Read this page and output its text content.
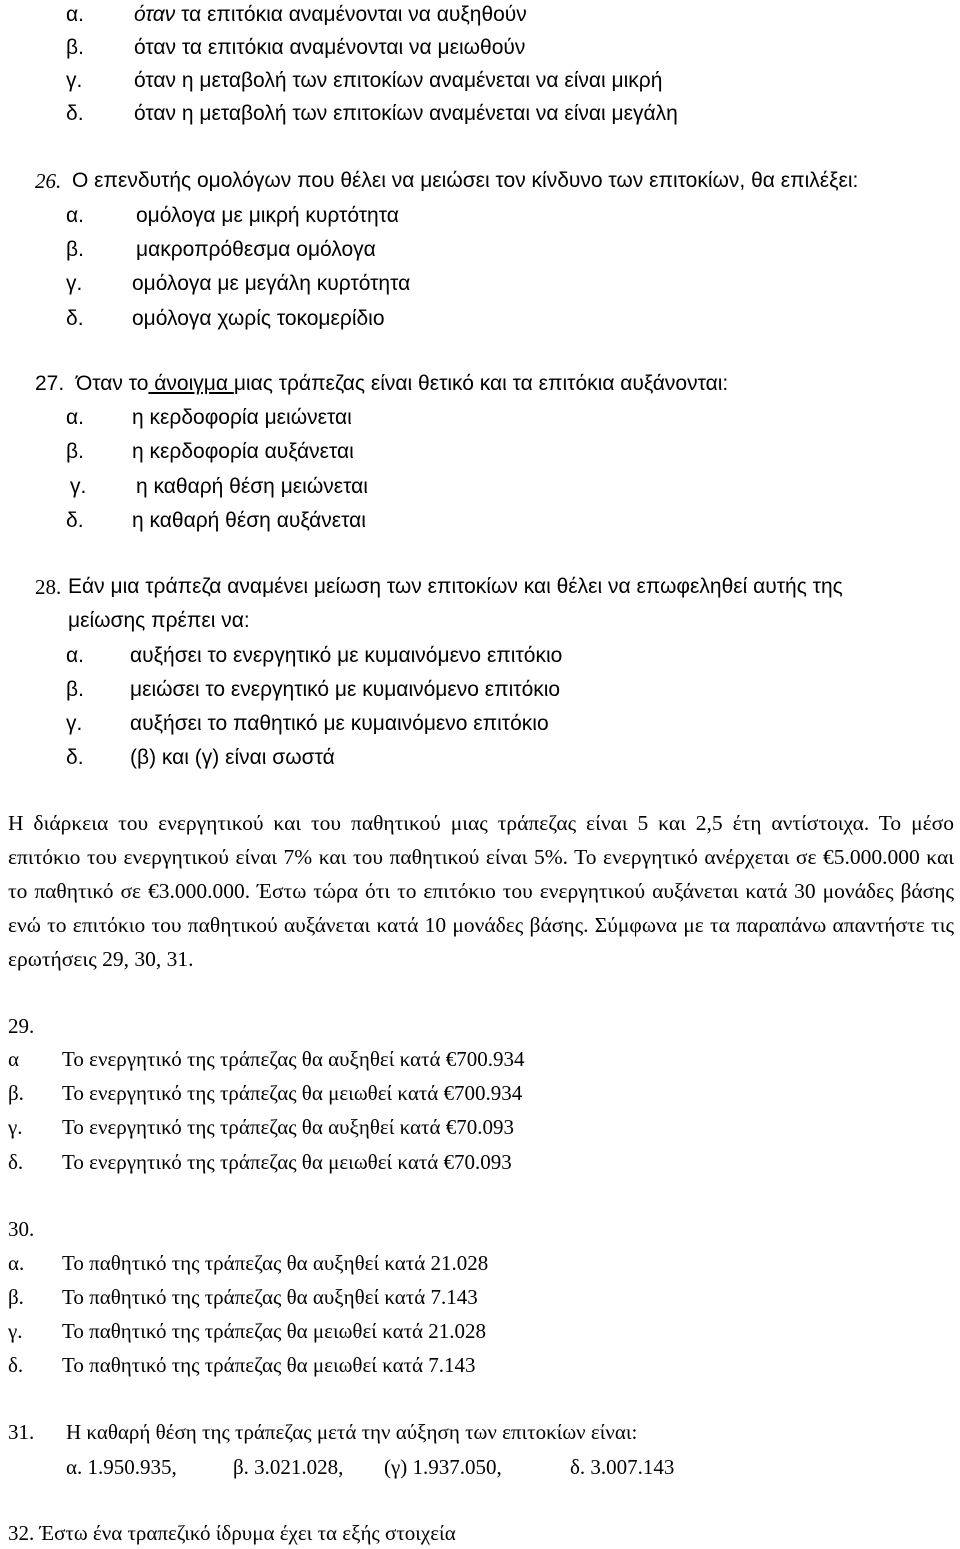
α. όταν τα επιτόκια αναμένονται να αυξηθούν
β. όταν τα επιτόκια αναμένονται να μειωθούν
γ. όταν η μεταβολή των επιτοκίων αναμένεται να είναι μικρή
δ. όταν η μεταβολή των επιτοκίων αναμένεται να είναι μεγάλη
26. Ο επενδυτής ομολόγων που θέλει να μειώσει τον κίνδυνο των επιτοκίων, θα επιλέξει:
α. ομόλογα με μικρή κυρτότητα
β. μακροπρόθεσμα ομόλογα
γ. ομόλογα με μεγάλη κυρτότητα
δ. ομόλογα χωρίς τοκομερίδιο
27. Όταν το άνοιγμα μιας τράπεζας είναι θετικό και τα επιτόκια αυξάνονται:
α. η κερδοφορία μειώνεται
β. η κερδοφορία αυξάνεται
γ. η καθαρή θέση μειώνεται
δ. η καθαρή θέση αυξάνεται
28. Εάν μια τράπεζα αναμένει μείωση των επιτοκίων και θέλει να επωφεληθεί αυτής της
μείωσης πρέπει να:
α. αυξήσει το ενεργητικό με κυμαινόμενο επιτόκιο
β. μειώσει το ενεργητικό με κυμαινόμενο επιτόκιο
γ. αυξήσει το παθητικό με κυμαινόμενο επιτόκιο
δ. (β) και (γ) είναι σωστά
Η διάρκεια του ενεργητικού και του παθητικού μιας τράπεζας είναι 5 και 2,5 έτη αντίστοιχα. Το μέσο επιτόκιο του ενεργητικού είναι 7% και του παθητικού είναι 5%. Το ενεργητικό ανέρχεται σε €5.000.000 και το παθητικό σε €3.000.000. Έστω τώρα ότι το επιτόκιο του ενεργητικού αυξάνεται κατά 30 μονάδες βάσης ενώ το επιτόκιο του παθητικού αυξάνεται κατά 10 μονάδες βάσης. Σύμφωνα με τα παραπάνω απαντήστε τις ερωτήσεις 29, 30, 31.
29.
α Το ενεργητικό της τράπεζας θα αυξηθεί κατά €700.934
β. Το ενεργητικό της τράπεζας θα μειωθεί κατά €700.934
γ. Το ενεργητικό της τράπεζας θα αυξηθεί κατά €70.093
δ. Το ενεργητικό της τράπεζας θα μειωθεί κατά €70.093
30.
α. Το παθητικό της τράπεζας θα αυξηθεί κατά 21.028
β. Το παθητικό της τράπεζας θα αυξηθεί κατά 7.143
γ. Το παθητικό της τράπεζας θα μειωθεί κατά 21.028
δ. Το παθητικό της τράπεζας θα μειωθεί κατά 7.143
31. Η καθαρή θέση της τράπεζας μετά την αύξηση των επιτοκίων είναι:
α. 1.950.935,	β. 3.021.028, (γ) 1.937.050,	δ. 3.007.143
32. Έστω ένα τραπεζικό ίδρυμα έχει τα εξής στοιχεία
